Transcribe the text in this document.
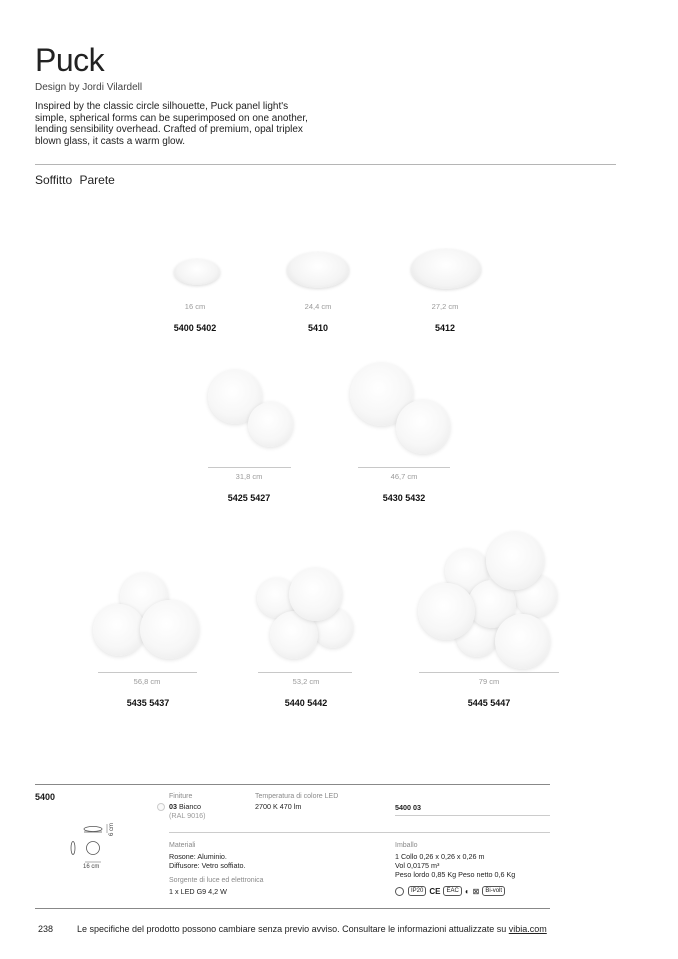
Puck
Design by Jordi Vilardell
Inspired by the classic circle silhouette, Puck panel light's simple, spherical forms can be superimposed on one another, lending sensibility overhead. Crafted of premium, opal triplex blown glass, it casts a warm glow.
Soffitto Parete
16 cm
5400 5402
24,4 cm
5410
27,2 cm
5412
31,8 cm
5425 5427
46,7 cm
5430 5432
56,8 cm
5435 5437
53,2 cm
5440 5442
79 cm
5445 5447
5400
6 cm
16 cm
Finiture
03 Bianco
(RAL 9016)
Temperatura di colore LED
2700 K 470 lm	5400 03
Materiali
Rosone: Aluminio.
Diffusore: Vetro soffiato.
Sorgente di luce ed elettronica
1 x LED G9 4,2 W
Imballo
1 Collo 0,26 x 0,26 x 0,26 m
Vol 0,0175 m³
Peso lordo 0,85 Kg Peso netto 0,6 Kg
IP20 CE	EAC ◐ ⊠	Bi-volt
238	Le specifiche del prodotto possono cambiare senza previo avviso. Consultare le informazioni attualizzate su vibia.com
